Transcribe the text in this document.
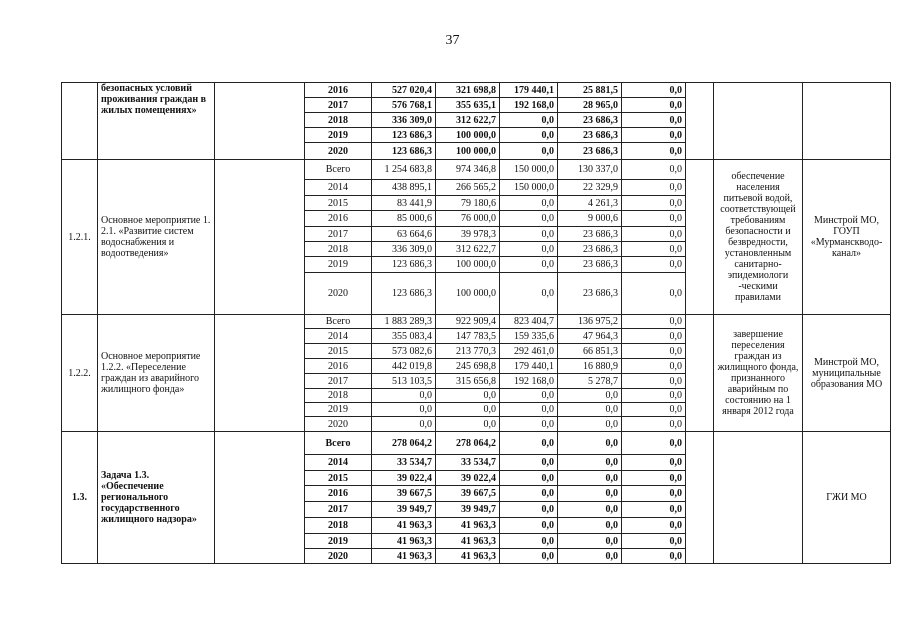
37
	безопасных условий проживания граждан в жилых помещениях»		2016	527 020,4	321 698,8	179 440,1	25 881,5	0,0			
			2017	576 768,1	355 635,1	192 168,0	28 965,0	0,0			
			2018	336 309,0	312 622,7	0,0	23 686,3	0,0			
			2019	123 686,3	100 000,0	0,0	23 686,3	0,0			
			2020	123 686,3	100 000,0	0,0	23 686,3	0,0			
1.2.1.	Основное мероприятие 1. 2.1. «Развитие систем водоснабжения и водоотведения»		Всего	1 254 683,8	974 346,8	150 000,0	130 337,0	0,0		обеспечение населения питьевой водой, соответствующей требованиям безопасности и безвредности, установленным санитарно-эпидемиологи -ческими правилами	Минстрой МО, ГОУП «Мурманскводо-канал»
			2014	438 895,1	266 565,2	150 000,0	22 329,9	0,0			
			2015	83 441,9	79 180,6	0,0	4 261,3	0,0			
			2016	85 000,6	76 000,0	0,0	9 000,6	0,0			
			2017	63 664,6	39 978,3	0,0	23 686,3	0,0			
			2018	336 309,0	312 622,7	0,0	23 686,3	0,0			
			2019	123 686,3	100 000,0	0,0	23 686,3	0,0			
			2020	123 686,3	100 000,0	0,0	23 686,3	0,0			
1.2.2.	Основное мероприятие 1.2.2. «Переселение граждан из аварийного жилищного фонда»		Всего	1 883 289,3	922 909,4	823 404,7	136 975,2	0,0		завершение переселения граждан из жилищного фонда, признанного аварийным по состоянию на 1 января 2012 года	Минстрой МО, муниципальные образования МО
			2014	355 083,4	147 783,5	159 335,6	47 964,3	0,0			
			2015	573 082,6	213 770,3	292 461,0	66 851,3	0,0			
			2016	442 019,8	245 698,8	179 440,1	16 880,9	0,0			
			2017	513 103,5	315 656,8	192 168,0	5 278,7	0,0			
			2018	0,0	0,0	0,0	0,0	0,0			
			2019	0,0	0,0	0,0	0,0	0,0			
			2020	0,0	0,0	0,0	0,0	0,0			
1.3.	Задача 1.3. «Обеспечение регионального государственного жилищного надзора»		Всего	278 064,2	278 064,2	0,0	0,0	0,0			ГЖИ МО
			2014	33 534,7	33 534,7	0,0	0,0	0,0			
			2015	39 022,4	39 022,4	0,0	0,0	0,0			
			2016	39 667,5	39 667,5	0,0	0,0	0,0			
			2017	39 949,7	39 949,7	0,0	0,0	0,0			
			2018	41 963,3	41 963,3	0,0	0,0	0,0			
			2019	41 963,3	41 963,3	0,0	0,0	0,0			
			2020	41 963,3	41 963,3	0,0	0,0	0,0			
